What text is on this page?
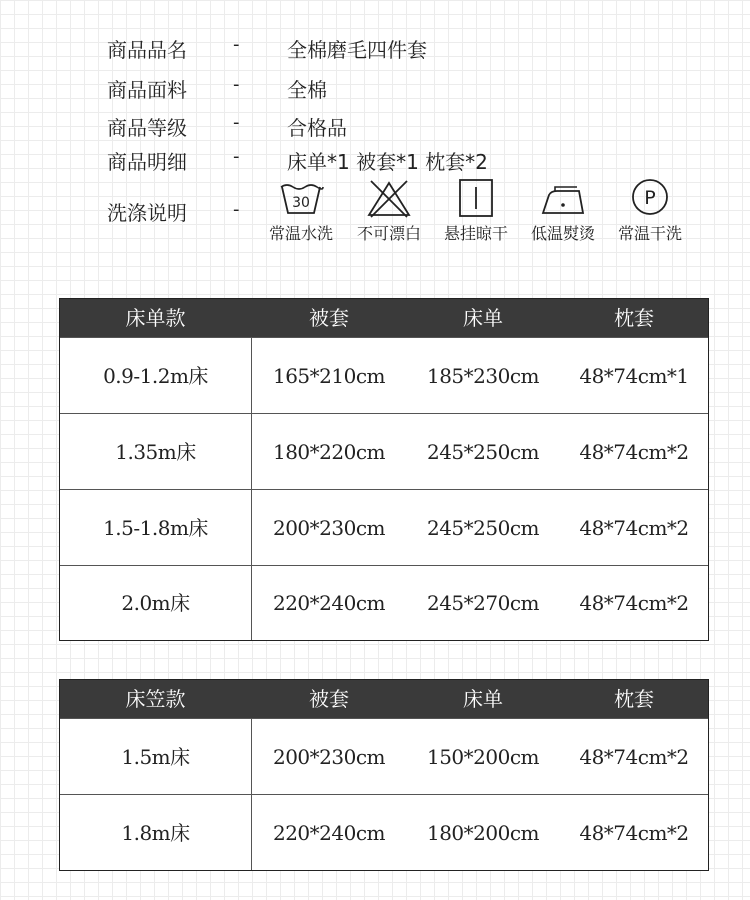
商品品名	- 全棉磨毛四件套
商品面料	- 全棉
商品等级	- 合格品
商品明细	- 床单*1 被套*1 枕套*2
洗涤说明	-	30
常温水洗	不可漂白	悬挂晾干	低温熨烫
P
常温干洗
床单款	被套	床单	枕套
0.9-1.2m床	165*210cm	185*230cm	48*74cm*1
1.35m床	180*220cm	245*250cm	48*74cm*2
1.5-1.8m床	200*230cm	245*250cm	48*74cm*2
2.0m床	220*240cm	245*270cm	48*74cm*2
床笠款	被套	床单	枕套
1.5m床	200*230cm	150*200cm	48*74cm*2
1.8m床	220*240cm	180*200cm	48*74cm*2
